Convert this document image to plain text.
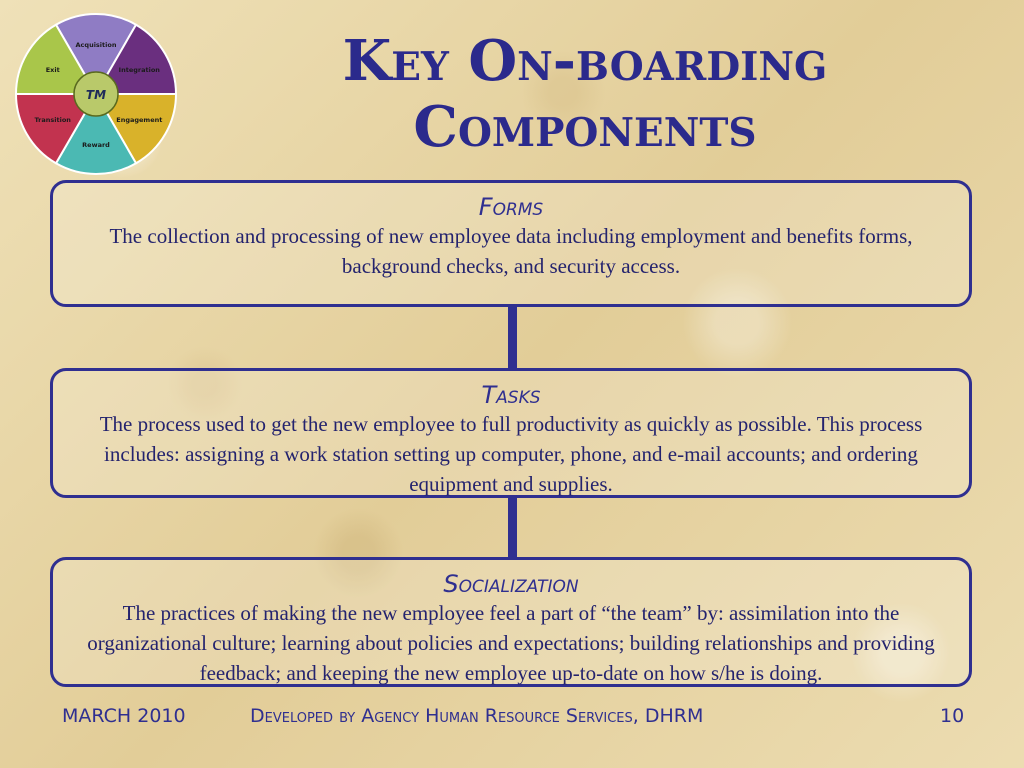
Acquisition
Integration
Engagement
Reward
Transition
Exit
TM
Key On-boarding
Components
Forms
The collection and processing of new employee data including employment and benefits forms, background checks, and security access.
Tasks
The process used to get the new employee to full productivity as quickly as possible. This process includes: assigning a work station setting up computer, phone, and e-mail accounts; and ordering equipment and supplies.
Socialization
The practices of making the new employee feel a part of “the team” by: assimilation into the organizational culture; learning about policies and expectations; building relationships and providing feedback; and keeping the new employee up-to-date on how s/he is doing.
MARCH 2010	Developed by Agency Human Resource Services, DHRM	10
